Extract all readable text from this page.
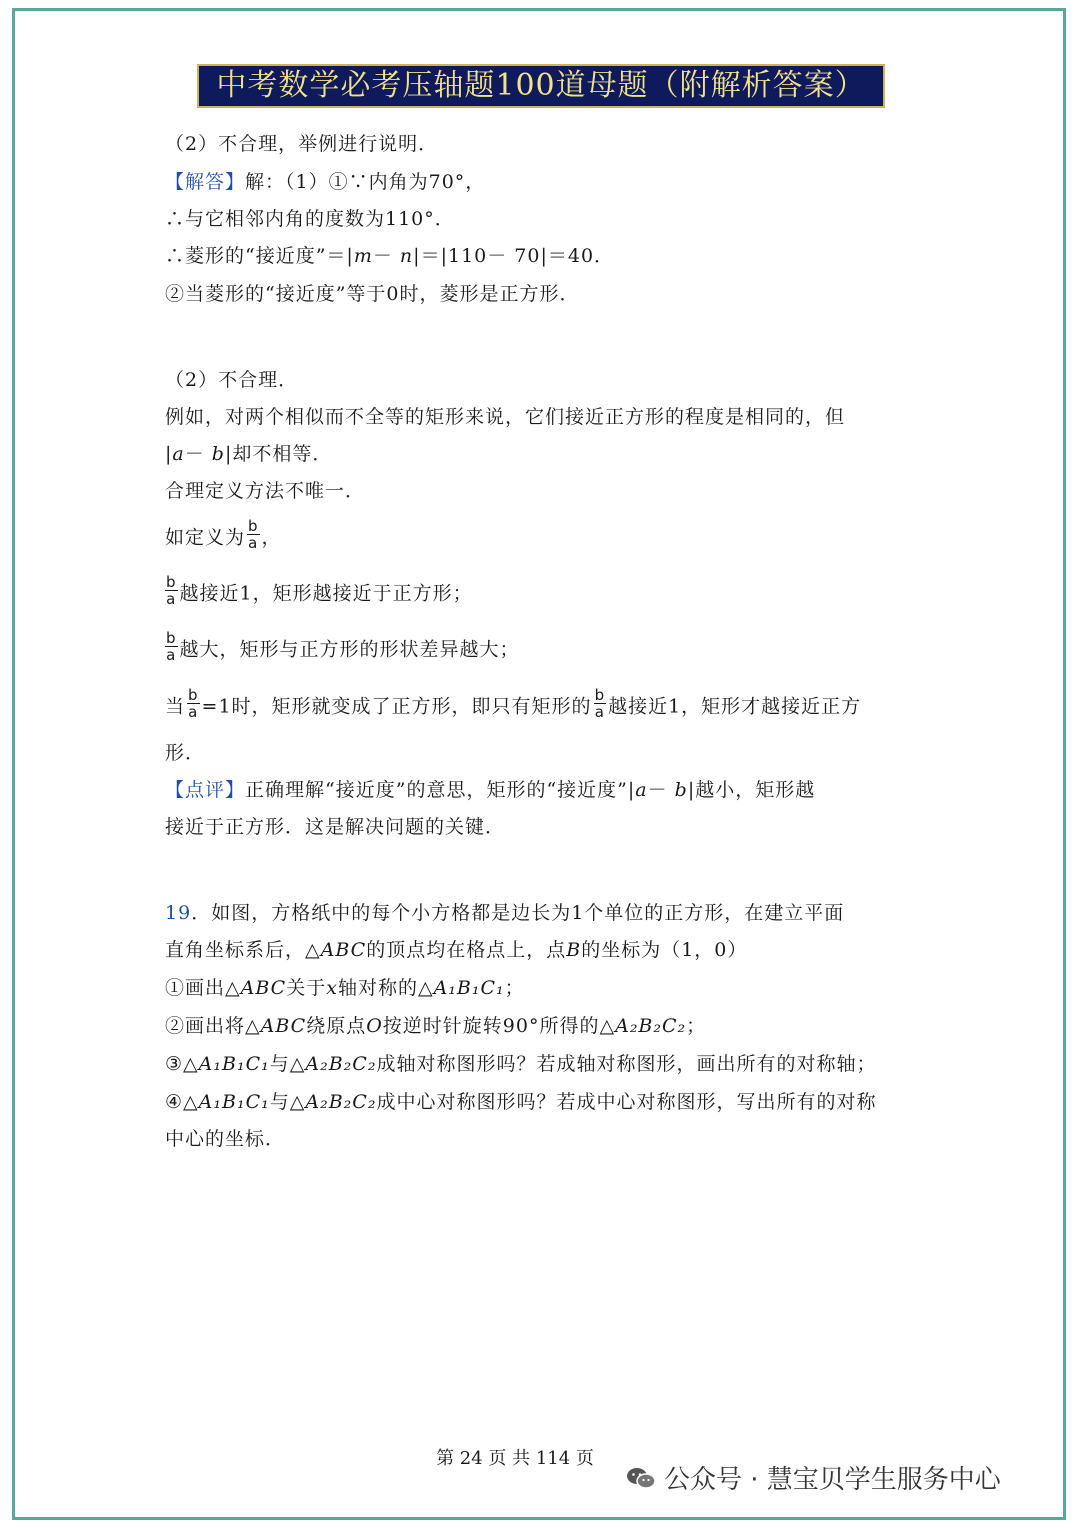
中考数学必考压轴题100道母题（附解析答案）
（2）不合理，举例进行说明．
【解答】解：（1）①∵内角为70°，
∴与它相邻内角的度数为110°．
∴菱形的“接近度”＝|m－ n|＝|110－ 70|＝40．
②当菱形的“接近度”等于0时，菱形是正方形．
（2）不合理．
例如，对两个相似而不全等的矩形来说，它们接近正方形的程度是相同的，但
|a－ b|却不相等．
合理定义方法不唯一．
如定义为 $\frac{b}{a}$ ，
$\frac{b}{a}$ 越接近1，矩形越接近于正方形；
$\frac{b}{a}$ 越大，矩形与正方形的形状差异越大；
当 $\frac{b}{a} =1$时，矩形就变成了正方形，即只有矩形的 $\frac{b}{a}$ 越接近1，矩形才越接近正方
形．
【点评】正确理解“接近度”的意思，矩形的“接近度”|a－ b|越小，矩形越
接近于正方形．这是解决问题的关键．
19．如图，方格纸中的每个小方格都是边长为1个单位的正方形，在建立平面
直角坐标系后，△ABC的顶点均在格点上，点B的坐标为（1，0）
①画出△ABC关于x轴对称的△A₁B₁C₁；
②画出将△ABC绕原点O按逆时针旋转90°所得的△A₂B₂C₂；
③△A₁B₁C₁与△A₂B₂C₂成轴对称图形吗？若成轴对称图形，画出所有的对称轴；
④△A₁B₁C₁与△A₂B₂C₂成中心对称图形吗？若成中心对称图形，写出所有的对称
中心的坐标．
第 24 页 共 114 页
公众号 · 慧宝贝学生服务中心
